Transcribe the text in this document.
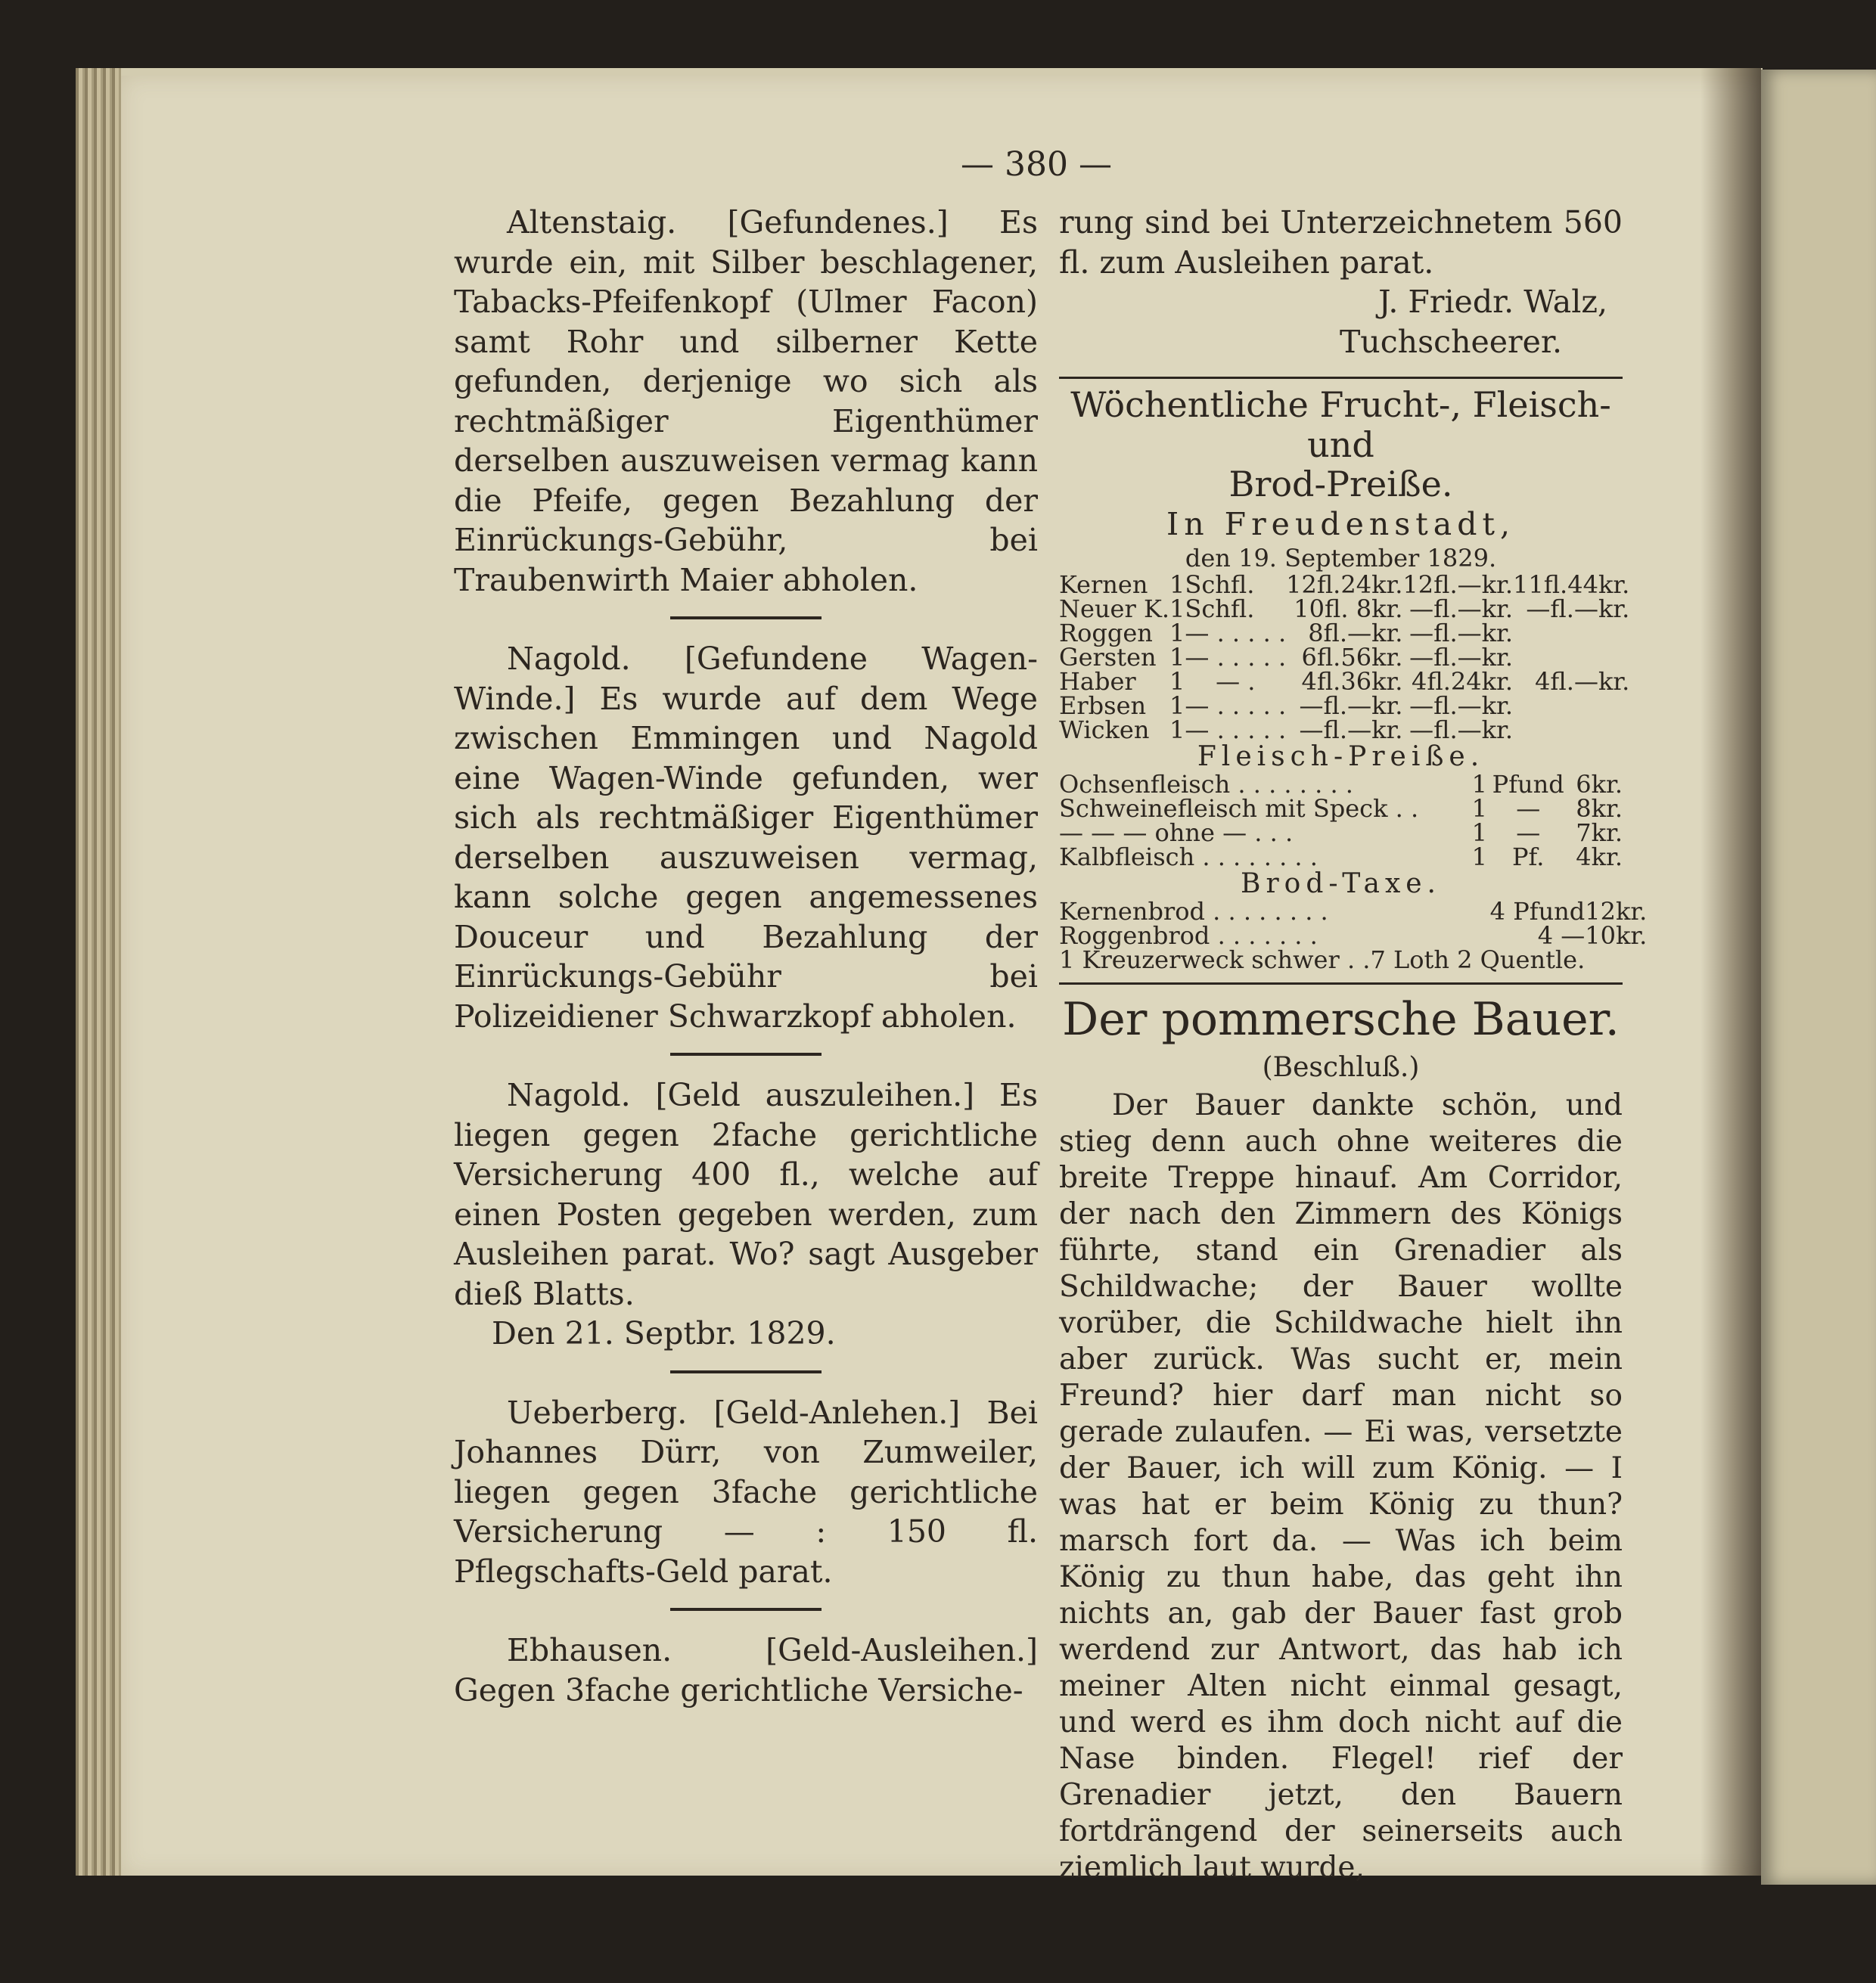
— 380 —

Altenstaig. [Gefundenes.] Es wurde ein, mit Silber beschlagener, Tabacks-Pfeifenkopf (Ulmer Facon) samt Rohr und silberner Kette gefunden, derjenige wo sich als rechtmäßiger Eigenthümer derselben auszuweisen vermag kann die Pfeife, gegen Bezahlung der Einrückungs-Gebühr, bei Traubenwirth Maier abholen.

Nagold. [Gefundene Wagen-Winde.] Es wurde auf dem Wege zwischen Emmingen und Nagold eine Wagen-Winde gefunden, wer sich als rechtmäßiger Eigenthümer derselben auszuweisen vermag, kann solche gegen angemessenes Douceur und Bezahlung der Einrückungs-Gebühr bei Polizeidiener Schwarzkopf abholen.

Nagold. [Geld auszuleihen.] Es liegen gegen 2fache gerichtliche Versicherung 400 fl., welche auf einen Posten gegeben werden, zum Ausleihen parat. Wo? sagt Ausgeber dieß Blatts.

Den 21. Septbr. 1829.

Ueberberg. [Geld-Anlehen.] Bei Johannes Dürr, von Zumweiler, liegen gegen 3fache gerichtliche Versicherung — : 150 fl. Pflegschafts-Geld parat.

Ebhausen. [Geld-Ausleihen.] Gegen 3fache gerichtliche Versiche-

rung sind bei Unterzeichnetem 560 fl. zum Ausleihen parat.

J. Friedr. Walz,

Tuchscheerer.

Wöchentliche Frucht-, Fleisch- und

Brod-Preiße.

In Freudenstadt,

den 19. September 1829.

Kernen	1	Schfl.	12fl.24kr.	12fl.—kr.	11fl.44kr.
Neuer K.	1	Schfl.	10fl. 8kr.	—fl.—kr.	—fl.—kr.
Roggen	1	— . . . . .	8fl.—kr.	—fl.—kr.	
Gersten	1	— . . . . .	6fl.56kr.	—fl.—kr.	
Haber	1	— .	4fl.36kr.	4fl.24kr.	4fl.—kr.
Erbsen	1	— . . . . .	—fl.—kr.	—fl.—kr.	
Wicken	1	— . . . . .	—fl.—kr.	—fl.—kr.	

Fleisch-Preiße.

Ochsenfleisch . . . . . . . .	1	Pfund	6kr.
Schweinefleisch mit Speck . .	1	—	8kr.
— — — ohne — . . .	1	—	7kr.
Kalbfleisch . . . . . . . .	1	Pf.	4kr.

Brod-Taxe.

Kernenbrod . . . . . . . .	4 Pfund	12kr.
Roggenbrod . . . . . . .	4 —	10kr.
1 Kreuzerweck schwer . .	7 Loth 2 Quentle.	

Der pommersche Bauer.

(Beschluß.)

Der Bauer dankte schön, und stieg denn auch ohne weiteres die breite Treppe hinauf. Am Corridor, der nach den Zimmern des Königs führte, stand ein Grenadier als Schildwache; der Bauer wollte vorüber, die Schildwache hielt ihn aber zurück. Was sucht er, mein Freund? hier darf man nicht so gerade zulaufen. — Ei was, versetzte der Bauer, ich will zum König. — I was hat er beim König zu thun? marsch fort da. — Was ich beim König zu thun habe, das geht ihn nichts an, gab der Bauer fast grob werdend zur Antwort, das hab ich meiner Alten nicht einmal gesagt, und werd es ihm doch nicht auf die Nase binden. Flegel! rief der Grenadier jetzt, den Bauern fortdrängend der seinerseits auch ziemlich laut wurde,
